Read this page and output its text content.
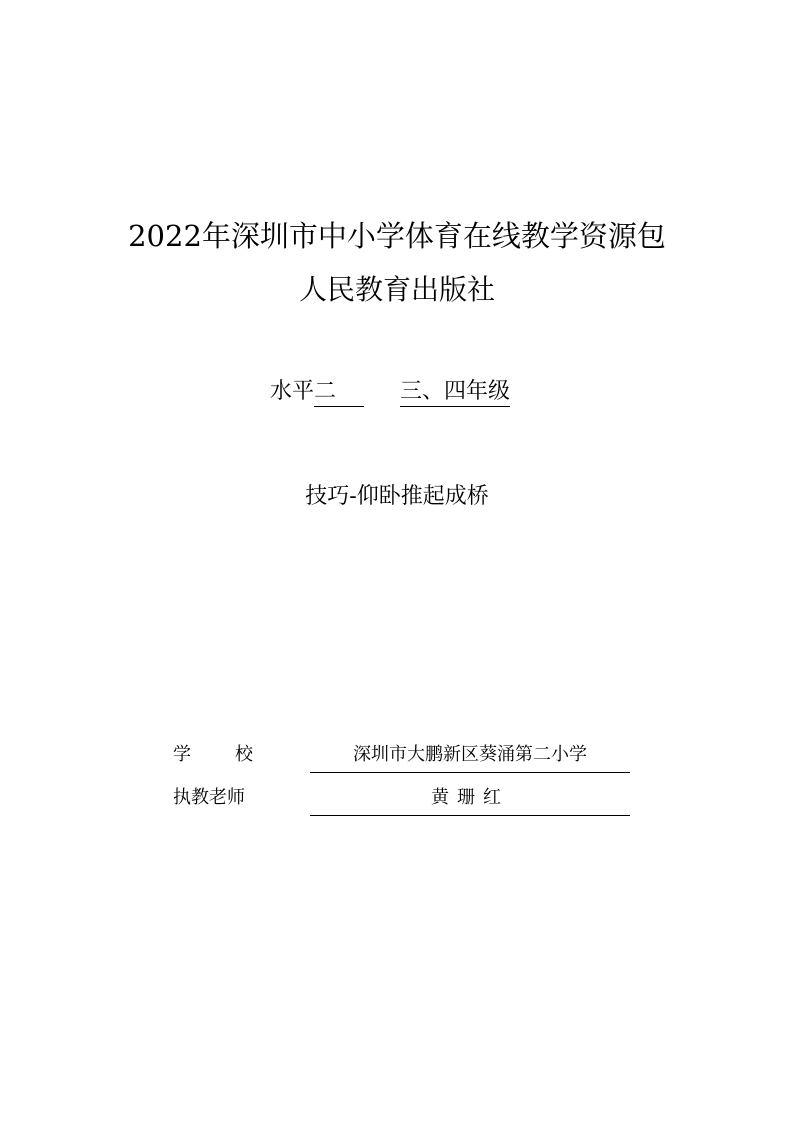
2022年深圳市中小学体育在线教学资源包
人民教育出版社
水平二	三、四年级
技巧-仰卧推起成桥
学校	深圳市大鹏新区葵涌第二小学
执教老师	黄珊红
